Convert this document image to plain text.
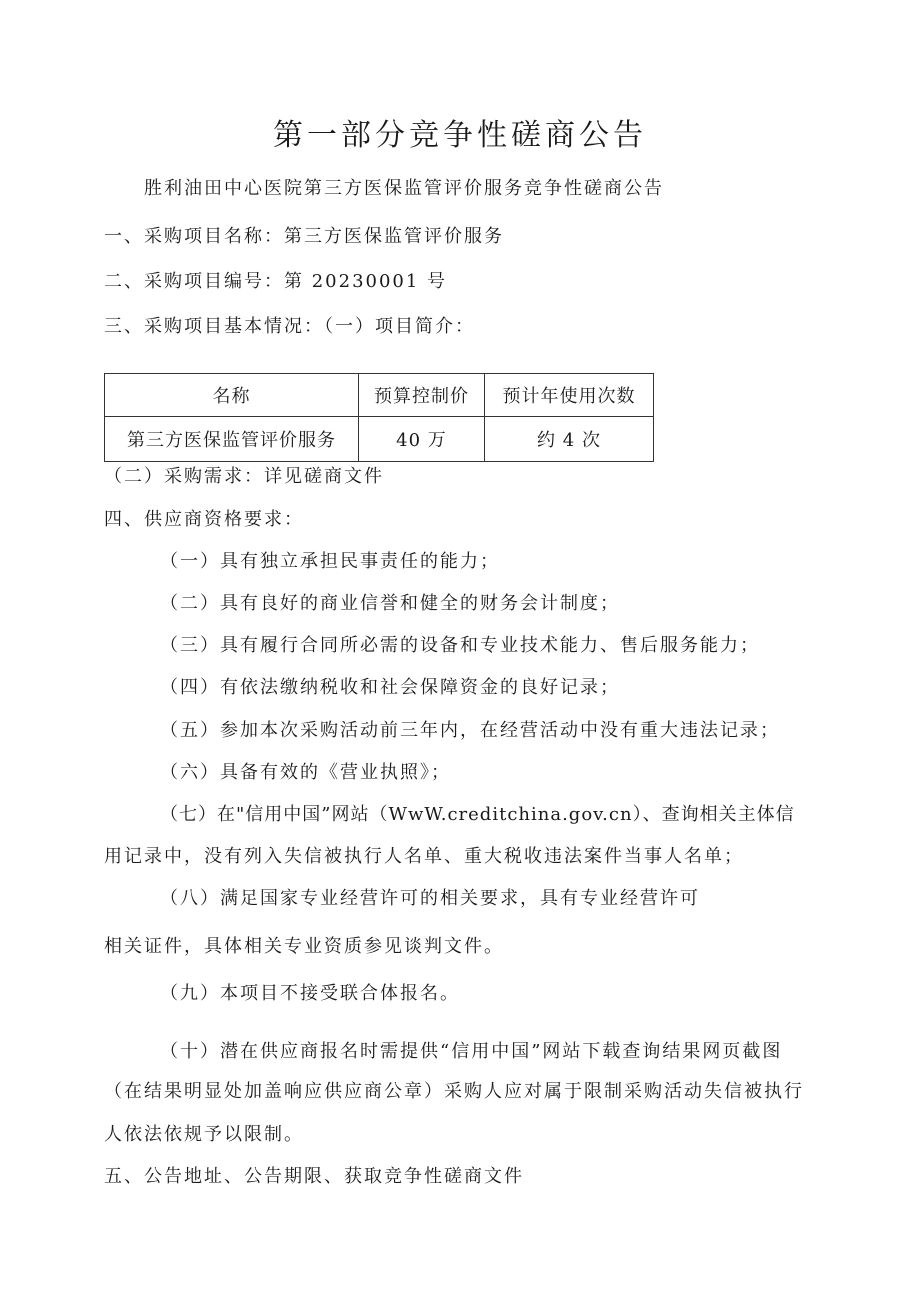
第一部分竞争性磋商公告
胜利油田中心医院第三方医保监管评价服务竞争性磋商公告
一、采购项目名称：第三方医保监管评价服务
二、采购项目编号：第 20230001 号
三、采购项目基本情况：（一）项目简介：
名称	预算控制价	预计年使用次数
第三方医保监管评价服务	40 万	约 4 次
（二）采购需求：详见磋商文件
四、供应商资格要求：
（一）具有独立承担民事责任的能力；
（二）具有良好的商业信誉和健全的财务会计制度；
（三）具有履行合同所必需的设备和专业技术能力、售后服务能力；
（四）有依法缴纳税收和社会保障资金的良好记录；
（五）参加本次采购活动前三年内，在经营活动中没有重大违法记录；
（六）具备有效的《营业执照》；
（七）在"信用中国”网站（WwW.creditchina.gov.cn）、查询相关主体信
用记录中，没有列入失信被执行人名单、重大税收违法案件当事人名单；
（八）满足国家专业经营许可的相关要求，具有专业经营许可
相关证件，具体相关专业资质参见谈判文件。
（九）本项目不接受联合体报名。
（十）潜在供应商报名时需提供“信用中国”网站下载查询结果网页截图
（在结果明显处加盖响应供应商公章）采购人应对属于限制采购活动失信被执行
人依法依规予以限制。
五、公告地址、公告期限、获取竞争性磋商文件
